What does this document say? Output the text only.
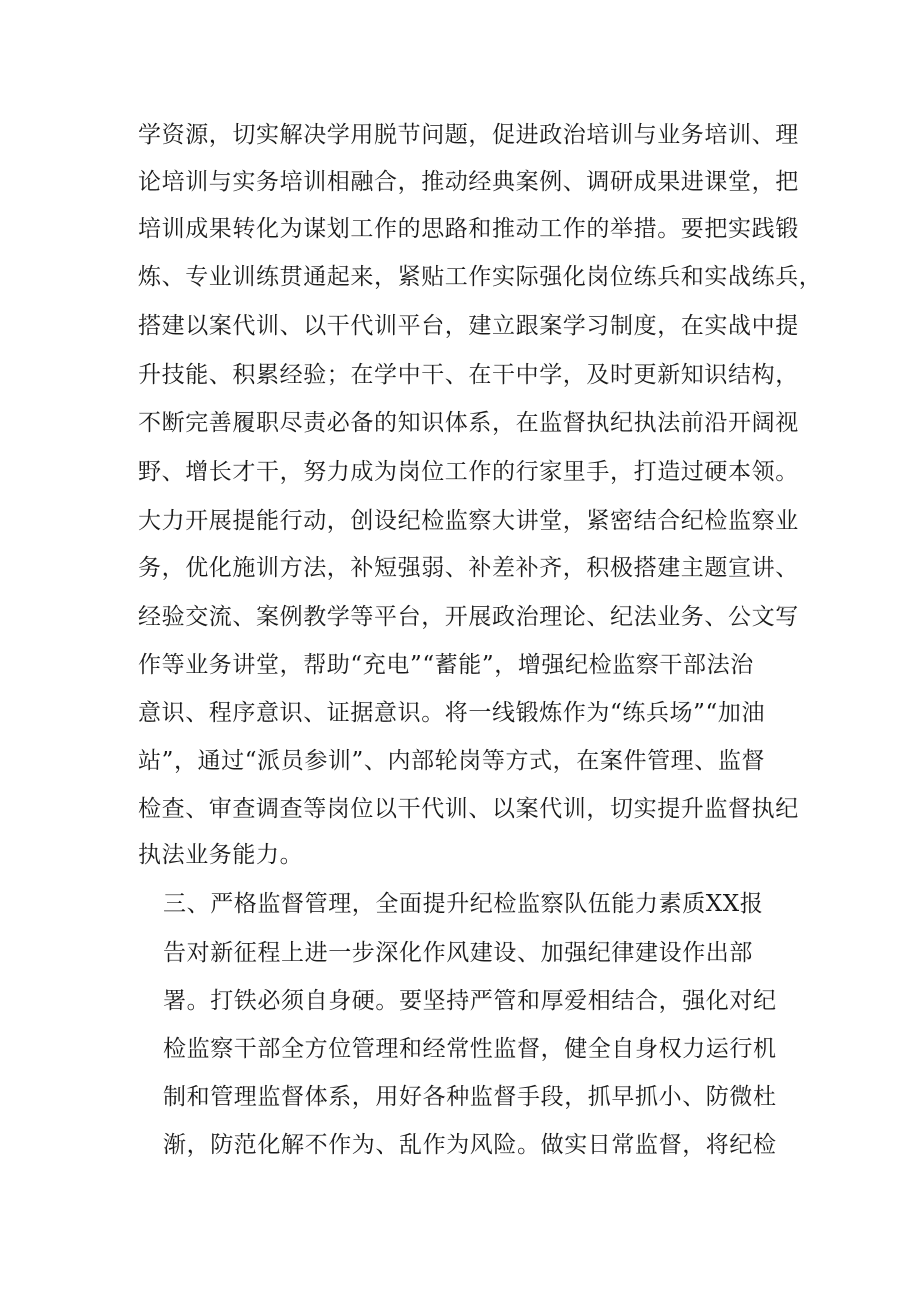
学资源，切实解决学用脱节问题，促进政治培训与业务培训、理
论培训与实务培训相融合，推动经典案例、调研成果进课堂，把
培训成果转化为谋划工作的思路和推动工作的举措。要把实践锻
炼、专业训练贯通起来，紧贴工作实际强化岗位练兵和实战练兵，
搭建以案代训、以干代训平台，建立跟案学习制度，在实战中提
升技能、积累经验；在学中干、在干中学，及时更新知识结构，
不断完善履职尽责必备的知识体系，在监督执纪执法前沿开阔视
野、增长才干，努力成为岗位工作的行家里手，打造过硬本领。
大力开展提能行动，创设纪检监察大讲堂，紧密结合纪检监察业
务，优化施训方法，补短强弱、补差补齐，积极搭建主题宣讲、
经验交流、案例教学等平台，开展政治理论、纪法业务、公文写
作等业务讲堂，帮助“充电”“蓄能”，增强纪检监察干部法治
意识、程序意识、证据意识。将一线锻炼作为“练兵场”“加油
站”，通过“派员参训”、内部轮岗等方式，在案件管理、监督
检查、审查调查等岗位以干代训、以案代训，切实提升监督执纪
执法业务能力。
三、严格监督管理，全面提升纪检监察队伍能力素质XX报
告对新征程上进一步深化作风建设、加强纪律建设作出部
署。打铁必须自身硬。要坚持严管和厚爱相结合，强化对纪
检监察干部全方位管理和经常性监督，健全自身权力运行机
制和管理监督体系，用好各种监督手段，抓早抓小、防微杜
渐，防范化解不作为、乱作为风险。做实日常监督，将纪检
